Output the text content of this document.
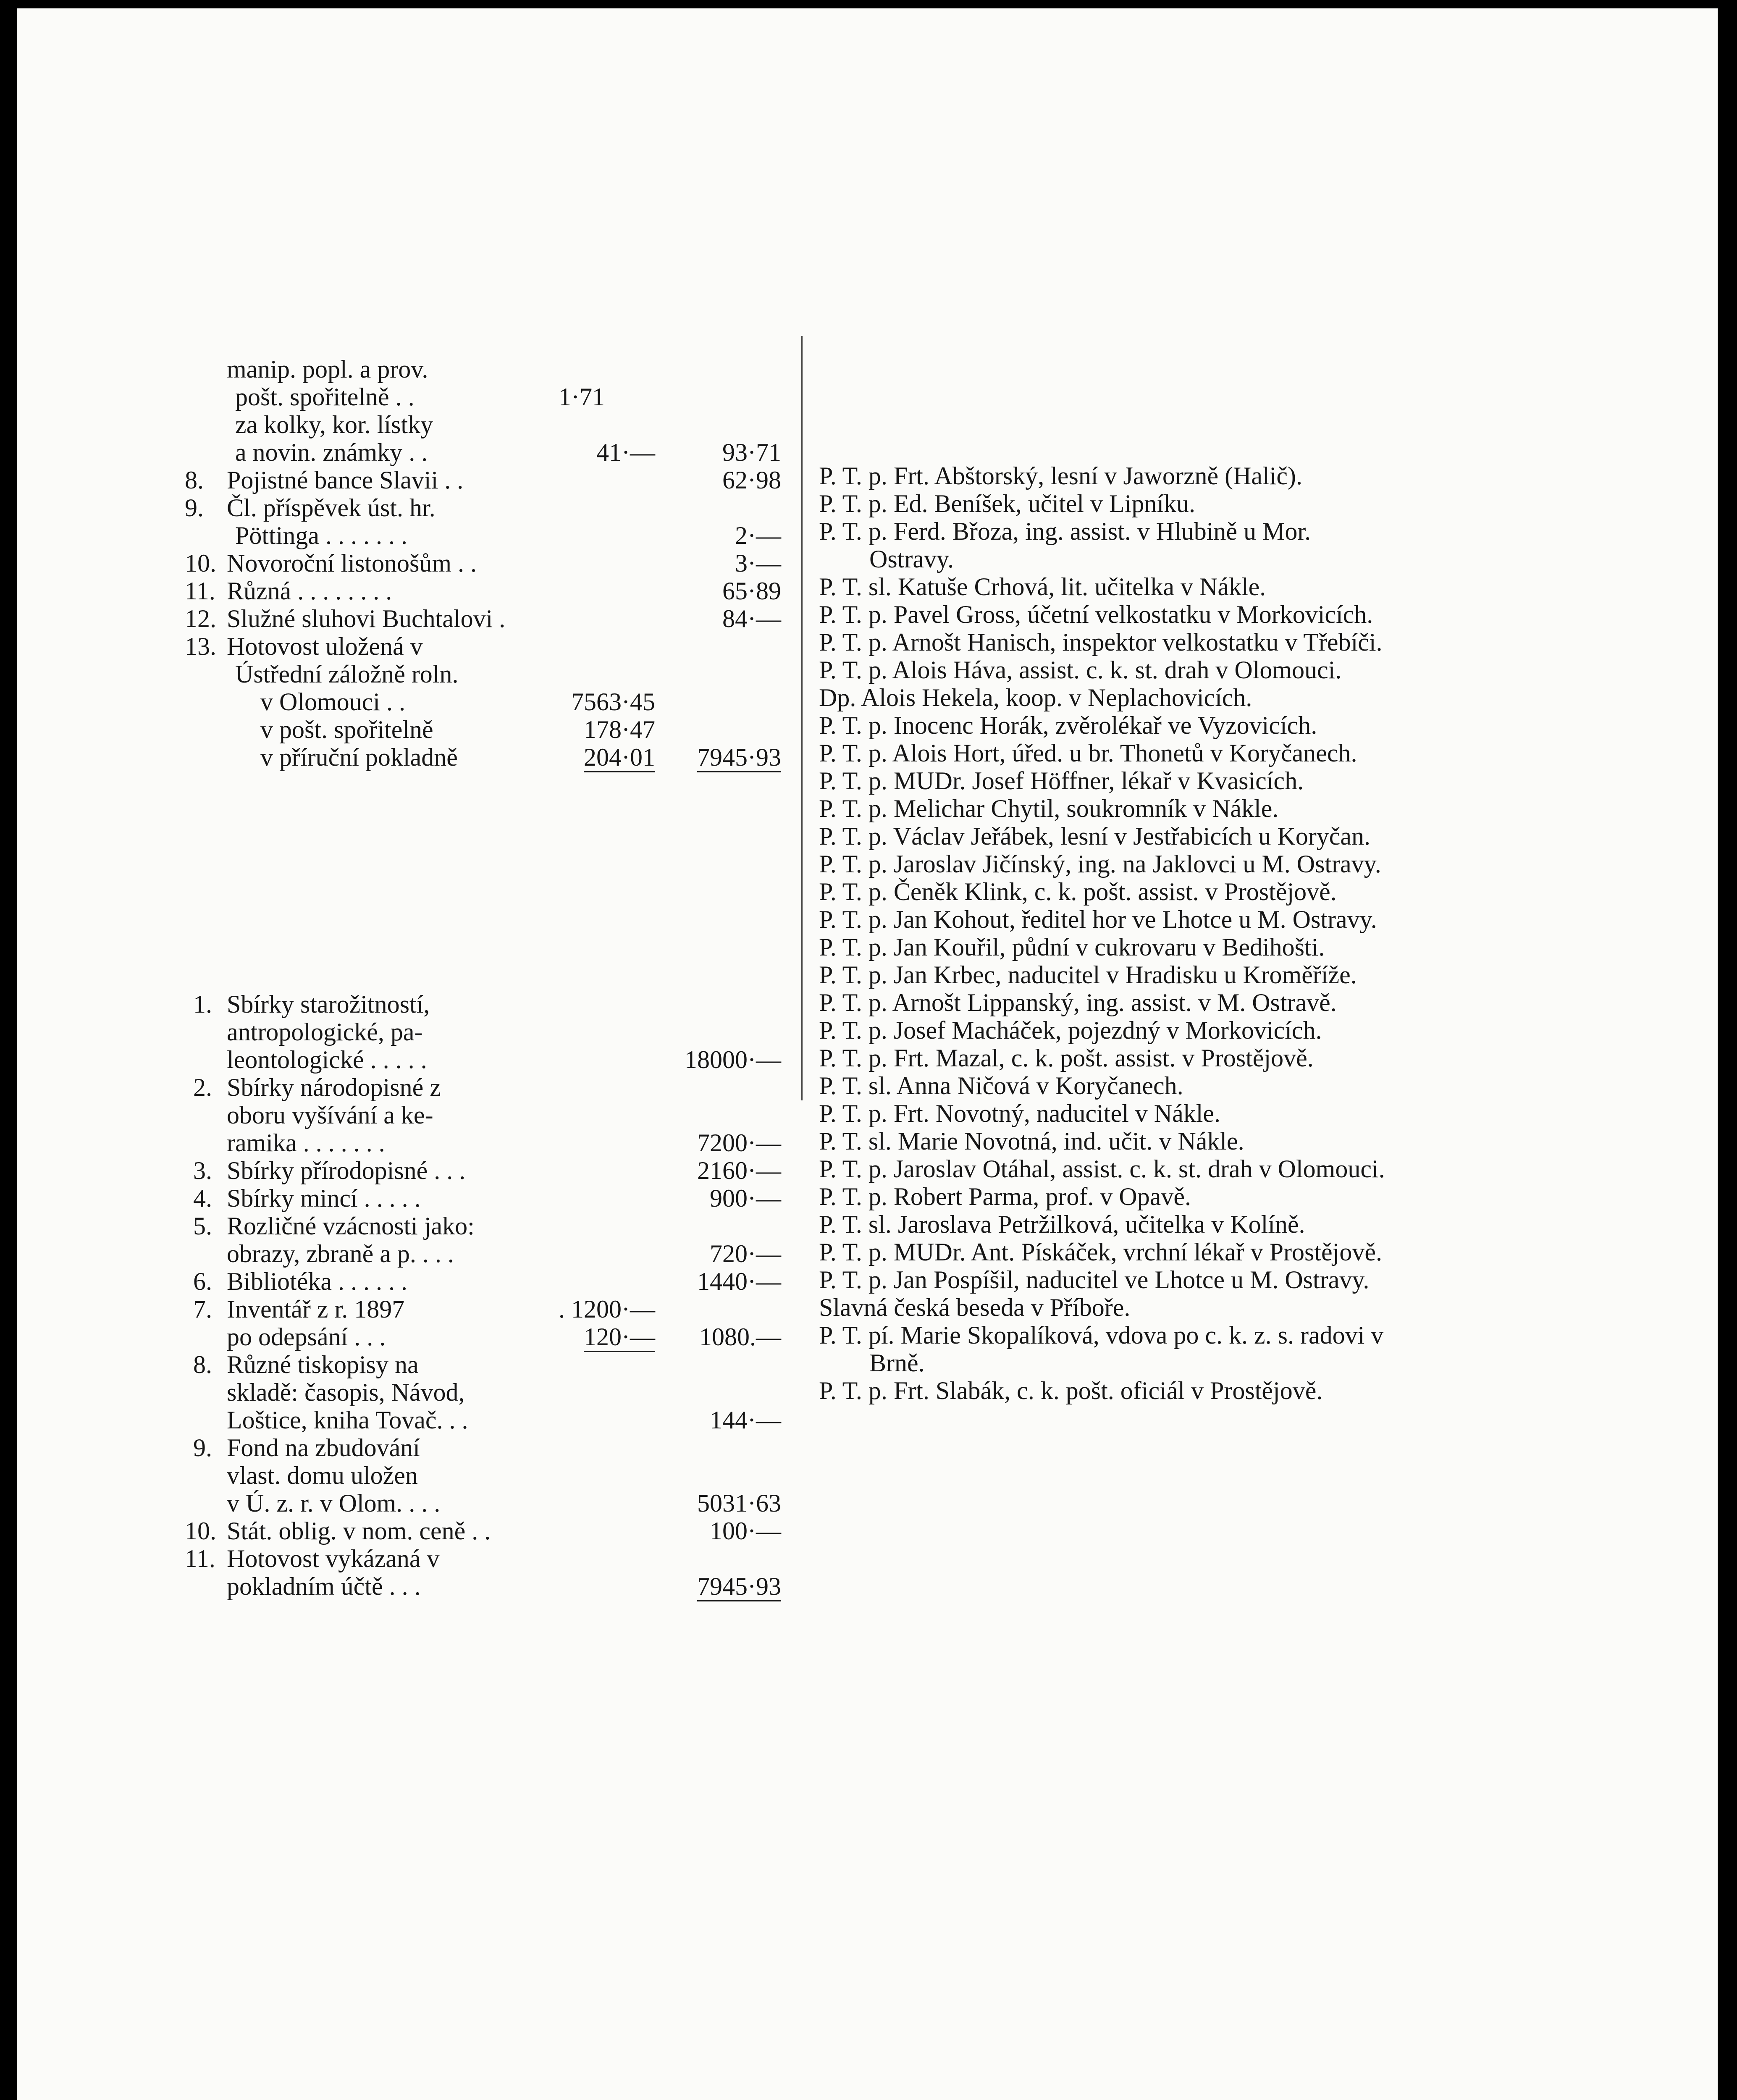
manip. popl. a prov.
pošt. spořitelně . .	1·71
za kolky, kor. lístky
a novin. známky . .	41·—	93·71
8. Pojistné bance Slavii . .	62·98
9. Čl. příspěvek úst. hr.
Pöttinga . . . . . . .	2·—
10. Novoroční listonošům . .	3·—
11. Různá . . . . . . . .	65·89
12. Služné sluhovi Buchtalovi .	84·—
13. Hotovost uložená v
Ústřední záložně roln.
v Olomouci . .	7563·45
v pošt. spořitelně	178·47
v příruční pokladně	204·01 7945·93
1. Sbírky starožitností,
antropologické, pa-
leontologické . . . . .	18000·—
2. Sbírky národopisné z
oboru vyšívání a ke-
ramika . . . . . . .	7200·—
3. Sbírky přírodopisné . . .	2160·—
4. Sbírky mincí . . . . .	900·—
5. Rozličné vzácnosti jako:
obrazy, zbraně a p. . . .	720·—
6. Bibliotéka . . . . . .	1440·—
7. Inventář z r. 1897	. 1200·—
po odepsání . . .	120·— 1080.—
8. Různé tiskopisy na
skladě: časopis, Návod,
Loštice, kniha Tovač. . .	144·—
9. Fond na zbudování
vlast. domu uložen
v Ú. z. r. v Olom. . . .	5031·63
10. Stát. oblig. v nom. ceně . .	100·—
11. Hotovost vykázaná v
pokladním účtě . . .	7945·93
P. T. p. Frt. Abštorský, lesní v Jaworzně (Halič).
P. T. p. Ed. Beníšek, učitel v Lipníku.
P. T. p. Ferd. Břoza, ing. assist. v Hlubině u Mor. Ostravy.
P. T. sl. Katuše Crhová, lit. učitelka v Nákle.
P. T. p. Pavel Gross, účetní velkostatku v Morkovicích.
P. T. p. Arnošt Hanisch, inspektor velkostatku v Třebíči.
P. T. p. Alois Háva, assist. c. k. st. drah v Olomouci.
Dp. Alois Hekela, koop. v Neplachovicích.
P. T. p. Inocenc Horák, zvěrolékař ve Vyzovicích.
P. T. p. Alois Hort, úřed. u br. Thonetů v Koryčanech.
P. T. p. MUDr. Josef Höffner, lékař v Kvasicích.
P. T. p. Melichar Chytil, soukromník v Nákle.
P. T. p. Václav Jeřábek, lesní v Jestřabicích u Koryčan.
P. T. p. Jaroslav Jičínský, ing. na Jaklovci u M. Ostravy.
P. T. p. Čeněk Klink, c. k. pošt. assist. v Prostějově.
P. T. p. Jan Kohout, ředitel hor ve Lhotce u M. Ostravy.
P. T. p. Jan Kouřil, půdní v cukrovaru v Bedihošti.
P. T. p. Jan Krbec, naducitel v Hradisku u Kroměříže.
P. T. p. Arnošt Lippanský, ing. assist. v M. Ostravě.
P. T. p. Josef Macháček, pojezdný v Morkovicích.
P. T. p. Frt. Mazal, c. k. pošt. assist. v Prostějově.
P. T. sl. Anna Ničová v Koryčanech.
P. T. p. Frt. Novotný, naducitel v Nákle.
P. T. sl. Marie Novotná, ind. učit. v Nákle.
P. T. p. Jaroslav Otáhal, assist. c. k. st. drah v Olomouci.
P. T. p. Robert Parma, prof. v Opavě.
P. T. sl. Jaroslava Petržilková, učitelka v Kolíně.
P. T. p. MUDr. Ant. Pískáček, vrchní lékař v Prostějově.
P. T. p. Jan Pospíšil, naducitel ve Lhotce u M. Ostravy.
Slavná česká beseda v Příboře.
P. T. pí. Marie Skopalíková, vdova po c. k. z. s. radovi v Brně.
P. T. p. Frt. Slabák, c. k. pošt. oficiál v Prostějově.
